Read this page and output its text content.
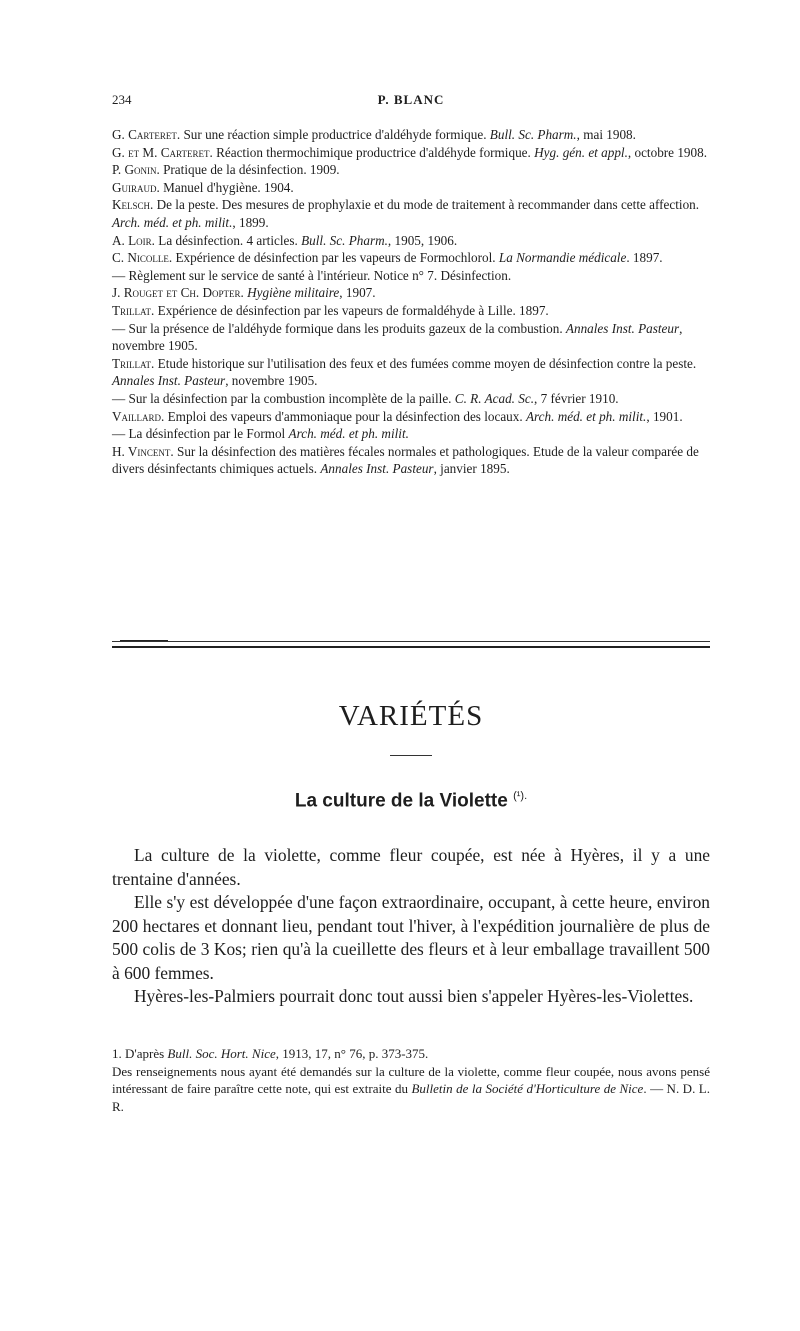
234	P. BLANC

G. Carteret. Sur une réaction simple productrice d'aldéhyde formique. Bull. Sc. Pharm., mai 1908.

G. et M. Carteret. Réaction thermochimique productrice d'aldéhyde formique. Hyg. gén. et appl., octobre 1908.

P. Gonin. Pratique de la désinfection. 1909.

Guiraud. Manuel d'hygiène. 1904.

Kelsch. De la peste. Des mesures de prophylaxie et du mode de traitement à recommander dans cette affection. Arch. méd. et ph. milit., 1899.

A. Loir. La désinfection. 4 articles. Bull. Sc. Pharm., 1905, 1906.

C. Nicolle. Expérience de désinfection par les vapeurs de Formochlorol. La Normandie médicale. 1897.

— Règlement sur le service de santé à l'intérieur. Notice n° 7. Désinfection.

J. Rouget et Ch. Dopter. Hygiène militaire, 1907.

Trillat. Expérience de désinfection par les vapeurs de formaldéhyde à Lille. 1897.

— Sur la présence de l'aldéhyde formique dans les produits gazeux de la combustion. Annales Inst. Pasteur, novembre 1905.

Trillat. Etude historique sur l'utilisation des feux et des fumées comme moyen de désinfection contre la peste. Annales Inst. Pasteur, novembre 1905.

— Sur la désinfection par la combustion incomplète de la paille. C. R. Acad. Sc., 7 février 1910.

Vaillard. Emploi des vapeurs d'ammoniaque pour la désinfection des locaux. Arch. méd. et ph. milit., 1901.

— La désinfection par le Formol Arch. méd. et ph. milit.

H. Vincent. Sur la désinfection des matières fécales normales et pathologiques. Etude de la valeur comparée de divers désinfectants chimiques actuels. Annales Inst. Pasteur, janvier 1895.

VARIÉTÉS
La culture de la Violette $^{(^1).}$

La culture de la violette, comme fleur coupée, est née à Hyères, il y a une trentaine d'années.

Elle s'y est développée d'une façon extraordinaire, occupant, à cette heure, environ 200 hectares et donnant lieu, pendant tout l'hiver, à l'expédition journalière de plus de 500 colis de 3 Kos; rien qu'à la cueillette des fleurs et à leur emballage travaillent 500 à 600 femmes.

Hyères-les-Palmiers pourrait donc tout aussi bien s'appeler Hyères-les-Violettes.

1. D'après Bull. Soc. Hort. Nice, 1913, 17, n° 76, p. 373-375.

Des renseignements nous ayant été demandés sur la culture de la violette, comme fleur coupée, nous avons pensé intéressant de faire paraître cette note, qui est extraite du Bulletin de la Société d'Horticulture de Nice. — N. D. L. R.
